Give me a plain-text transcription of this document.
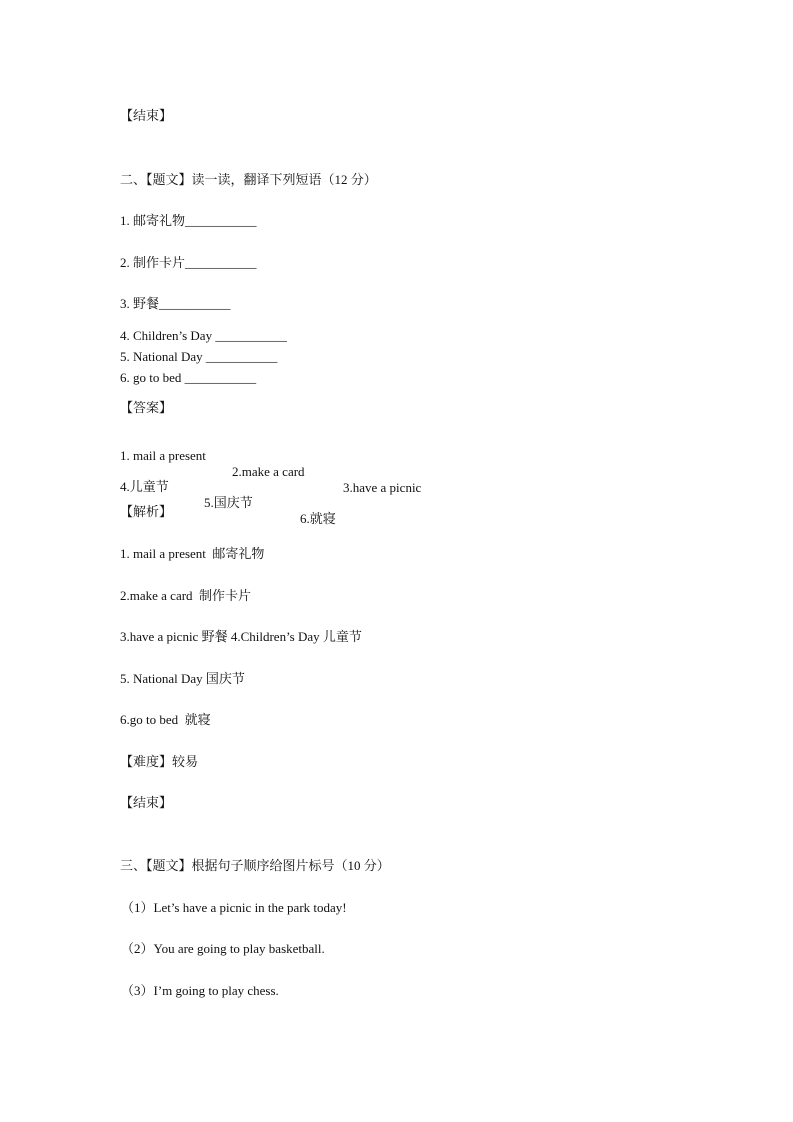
【结束】
二、【题文】读一读，翻译下列短语（12 分）
1. 邮寄礼物___________
2. 制作卡片___________
3. 野餐___________
4. Children’s Day ___________
5. National Day ___________
6. go to bed ___________
【答案】

1. mail a present

2.make a card

3.have a picnic

4.儿童节

5.国庆节

6.就寝

【解析】
1. mail a present  邮寄礼物
2.make a card  制作卡片
3.have a picnic 野餐 4.Children’s Day 儿童节
5. National Day 国庆节
6.go to bed  就寝
【难度】较易
【结束】
三、【题文】根据句子顺序给图片标号（10 分）
（1）Let’s have a picnic in the park today!
（2）You are going to play basketball.
（3）I’m going to play chess.
